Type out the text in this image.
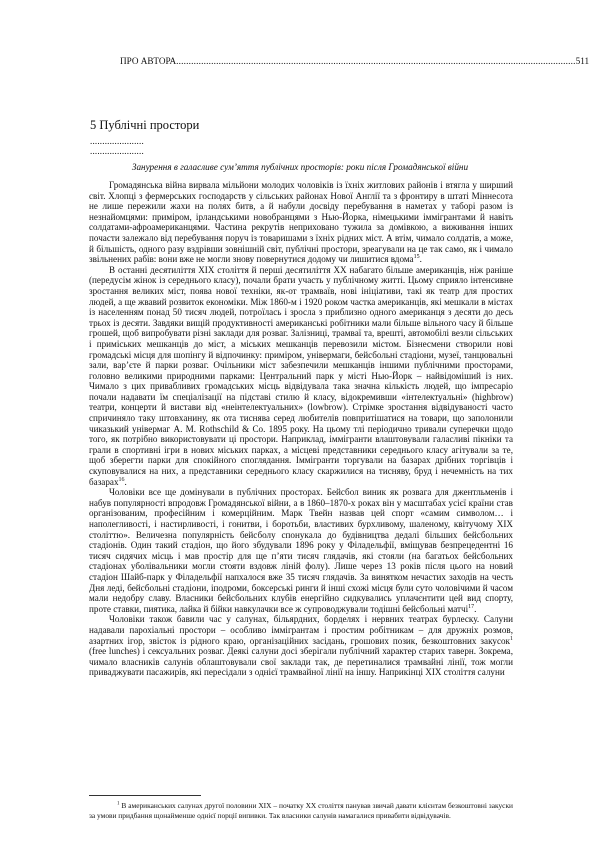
ПРО АВТОРА ................................................................................................................................................................ 511
5 Публічні простори
......................
......................
Занурення в галасливе сум’яття публічних просторів: роки після Громадянської війни

Громадянська війна вирвала мільйони молодих чоловіків із їхніх житлових районів і втягла у ширший світ. Хлопці з фермерських господарств у сільських районах Нової Англії та з фронтиру в штаті Міннесота не лише пережили жахи на полях битв, а й набули досвіду перебування в наметах у таборі разом із незнайомцями: приміром, ірландськими новобранцями з Нью-Йорка, німецькими іммігрантами й навіть солдатами-афроамериканцями. Частина рекрутів неприховано тужила за домівкою, а виживання інших почасти залежало від перебування поруч із товаришами з їхніх рідних міст. А втім, чимало солдатів, а може, й більшість, одного разу вздрівши зовнішній світ, публічні простори, зреагували на це так само, як і чимало звільнених рабів: вони вже не могли знову повернутися додому чи лишитися вдома$^{15}$.

В останні десятиліття XIX століття й перші десятиліття XX набагато більше американців, ніж раніше (передусім жінок із середнього класу), почали брати участь у публічному житті. Цьому сприяло інтенсивне зростання великих міст, поява нової техніки, як-от трамваїв, нові ініціативи, такі як театр для простих людей, а ще жвавий розвиток економіки. Між 1860-м і 1920 роком частка американців, які мешкали в містах із населенням понад 50 тисяч людей, потроїлась і зросла з приблизно одного американця з десяти до десь трьох із десяти. Завдяки вищій продуктивності американські робітники мали більше вільного часу й більше грошей, щоб випробувати різні заклади для розваг. Залізниці, трамваї та, врешті, автомобілі везли сільських і приміських мешканців до міст, а міських мешканців перевозили містом. Бізнесмени створили нові громадські місця для шопінгу й відпочинку: приміром, універмаги, бейсбольні стадіони, музеї, танцювальні зали, вар’єте й парки розваг. Очільники міст забезпечили мешканців іншими публічними просторами, головно великими природними парками: Центральний парк у місті Нью-Йорк – найвідоміший із них. Чимало з цих привабливих громадських місць відвідувала така значна кількість людей, що імпресаріо почали надавати їм спеціалізації на підставі стилю й класу, відокремивши «інтелектуальні» (highbrow) театри, концерти й вистави від «неінтелектуальних» (lowbrow). Стрімке зростання відвідуваності часто спричиняло таку штовханину, як ота тиснява серед любителів повпритішатися на товари, що заполонили чиказький універмаг A. M. Rothschild & Co. 1895 року. На цьому тлі періодично тривали суперечки щодо того, як потрібно використовувати ці простори. Наприклад, іммігранти влаштовували галасливі пікніки та грали в спортивні ігри в нових міських парках, а місцеві представники середнього класу агітували за те, щоб зберегти парки для спокійного споглядання. Іммігранти торгували на базарах дрібних торгівців і скуповувалися на них, а представники середнього класу скаржилися на тисняву, бруд і нечемність на тих базарах$^{16}$.

Чоловіки все ще домінували в публічних просторах. Бейсбол виник як розвага для джентльменів і набув популярності впродовж Громадянської війни, а в 1860–1870-х роках він у масштабах усієї країни став організованим, професійним і комерційним. Марк Твейн назвав цей спорт «самим символом… і наполегливості, і настирливості, і гонитви, і боротьби, властивих бурхливому, шаленому, квітучому XIX століттю». Величезна популярність бейсболу спонукала до будівництва дедалі більших бейсбольних стадіонів. Один такий стадіон, що його збудували 1896 року у Філадельфії, вміщував безпрецедентні 16 тисяч сидячих місць і мав простір для ще п’яти тисяч глядачів, які стояли (на багатьох бейсбольних стадіонах уболівальники могли стояти вздовж ліній фолу). Лише через 13 років після цього на новий стадіон Шайб-парк у Філадельфії напхалося вже 35 тисяч глядачів. За винятком нечастих заходів на честь Дня леді, бейсбольні стадіони, іподроми, боксерські ринги й інші схожі місця були суто чоловічими й часом мали недобру славу. Власники бейсбольних клубів енергійно сидкувались уплачєнтити цей вид спорту, проте ставки, пиятика, лайка й бійки навкулачки все ж супроводжували тодішні бейсбольні матчі$^{17}$.

Чоловіки також бавили час у салунах, більярдних, борделях і нервних театрах бурлеску. Салуни надавали парохіальні простори – особливо іммігрантам і простим робітникам – для дружніх розмов, азартних ігор, звісток із рідного краю, організаційних засідань, грошових позик, безкоштовних закусок$^1$ (free lunches) і сексуальних розваг. Деякі салуни досі зберігали публічний характер старих таверн. Зокрема, чимало власників салунів облаштовували свої заклади так, де перетиналися трамвайні лінії, тож могли приваджувати пасажирів, які пересідали з однієї трамвайної лінії на іншу. Наприкінці XIX століття салуни

$^1$ В американських салунах другої половини XIX – початку XX століття панував звичай давати клієнтам безкоштовні закуски за умови придбання щонайменше однієї порції випивки. Так власники салунів намагалися привабити відвідувачів.
